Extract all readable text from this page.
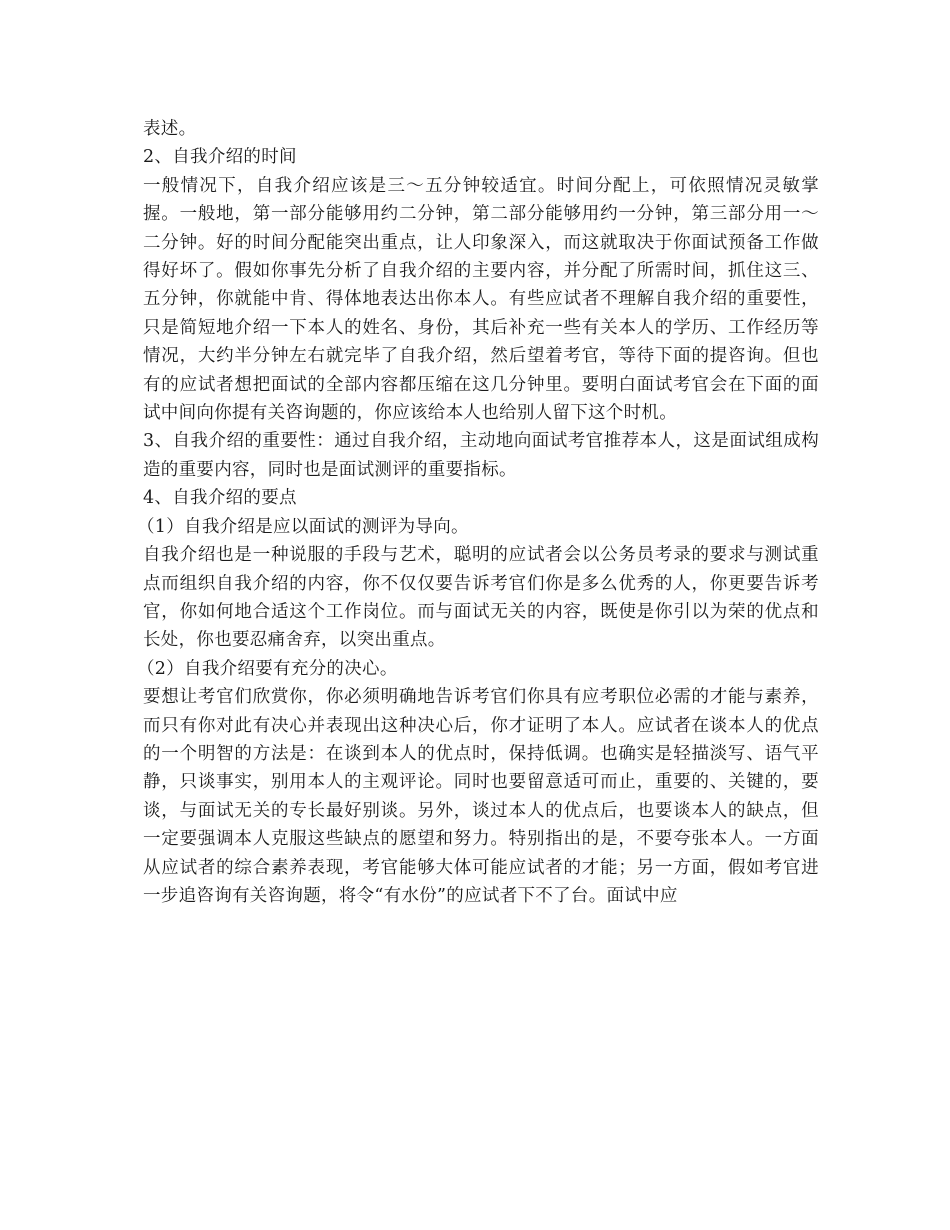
表述。

2、自我介绍的时间

一般情况下，自我介绍应该是三～五分钟较适宜。时间分配上，可依照情况灵敏掌握。一般地，第一部分能够用约二分钟，第二部分能够用约一分钟，第三部分用一～二分钟。好的时间分配能突出重点，让人印象深入，而这就取决于你面试预备工作做得好坏了。假如你事先分析了自我介绍的主要内容，并分配了所需时间，抓住这三、五分钟，你就能中肯、得体地表达出你本人。有些应试者不理解自我介绍的重要性，只是简短地介绍一下本人的姓名、身份，其后补充一些有关本人的学历、工作经历等情况，大约半分钟左右就完毕了自我介绍，然后望着考官，等待下面的提咨询。但也有的应试者想把面试的全部内容都压缩在这几分钟里。要明白面试考官会在下面的面试中间向你提有关咨询题的，你应该给本人也给别人留下这个时机。

3、自我介绍的重要性：通过自我介绍，主动地向面试考官推荐本人，这是面试组成构造的重要内容，同时也是面试测评的重要指标。

4、自我介绍的要点

（1）自我介绍是应以面试的测评为导向。

自我介绍也是一种说服的手段与艺术，聪明的应试者会以公务员考录的要求与测试重点而组织自我介绍的内容，你不仅仅要告诉考官们你是多么优秀的人，你更要告诉考官，你如何地合适这个工作岗位。而与面试无关的内容，既使是你引以为荣的优点和长处，你也要忍痛舍弃，以突出重点。

（2）自我介绍要有充分的决心。

要想让考官们欣赏你，你必须明确地告诉考官们你具有应考职位必需的才能与素养，而只有你对此有决心并表现出这种决心后，你才证明了本人。应试者在谈本人的优点的一个明智的方法是：在谈到本人的优点时，保持低调。也确实是轻描淡写、语气平静，只谈事实，别用本人的主观评论。同时也要留意适可而止，重要的、关键的，要谈，与面试无关的专长最好别谈。另外，谈过本人的优点后，也要谈本人的缺点，但一定要强调本人克服这些缺点的愿望和努力。特别指出的是，不要夸张本人。一方面从应试者的综合素养表现，考官能够大体可能应试者的才能；另一方面，假如考官进一步追咨询有关咨询题，将令“有水份”的应试者下不了台。面试中应
